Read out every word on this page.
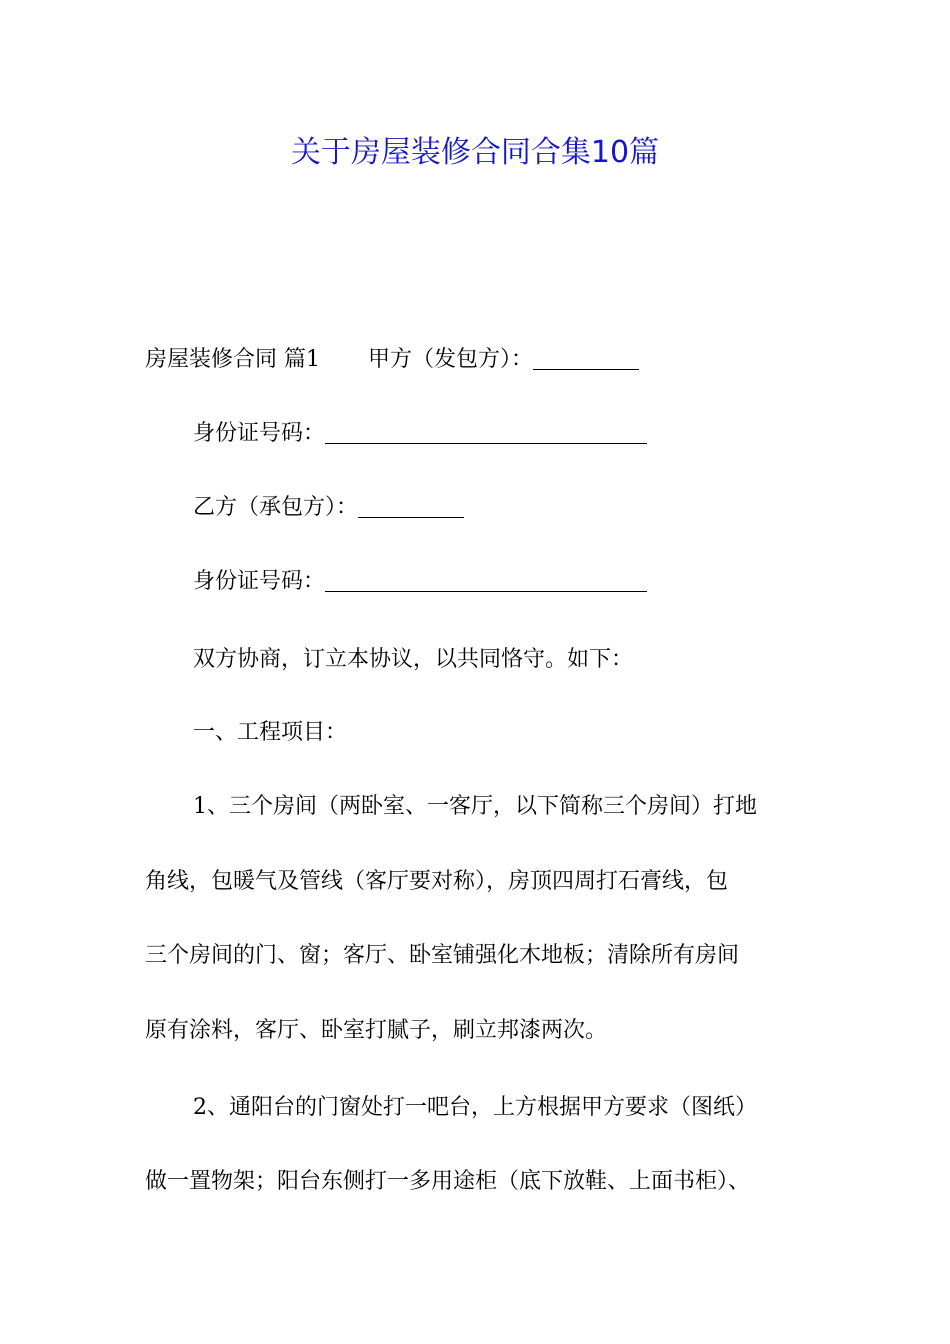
关于房屋装修合同合集10篇
房屋装修合同 篇1 甲方（发包方）：
身份证号码：
乙方（承包方）：
身份证号码：
双方协商，订立本协议，以共同恪守。如下：
一、工程项目：
1、三个房间（两卧室、一客厅，以下简称三个房间）打地
角线，包暖气及管线（客厅要对称），房顶四周打石膏线，包
三个房间的门、窗；客厅、卧室铺强化木地板；清除所有房间
原有涂料，客厅、卧室打腻子，刷立邦漆两次。
2、通阳台的门窗处打一吧台，上方根据甲方要求（图纸）
做一置物架；阳台东侧打一多用途柜（底下放鞋、上面书柜）、
